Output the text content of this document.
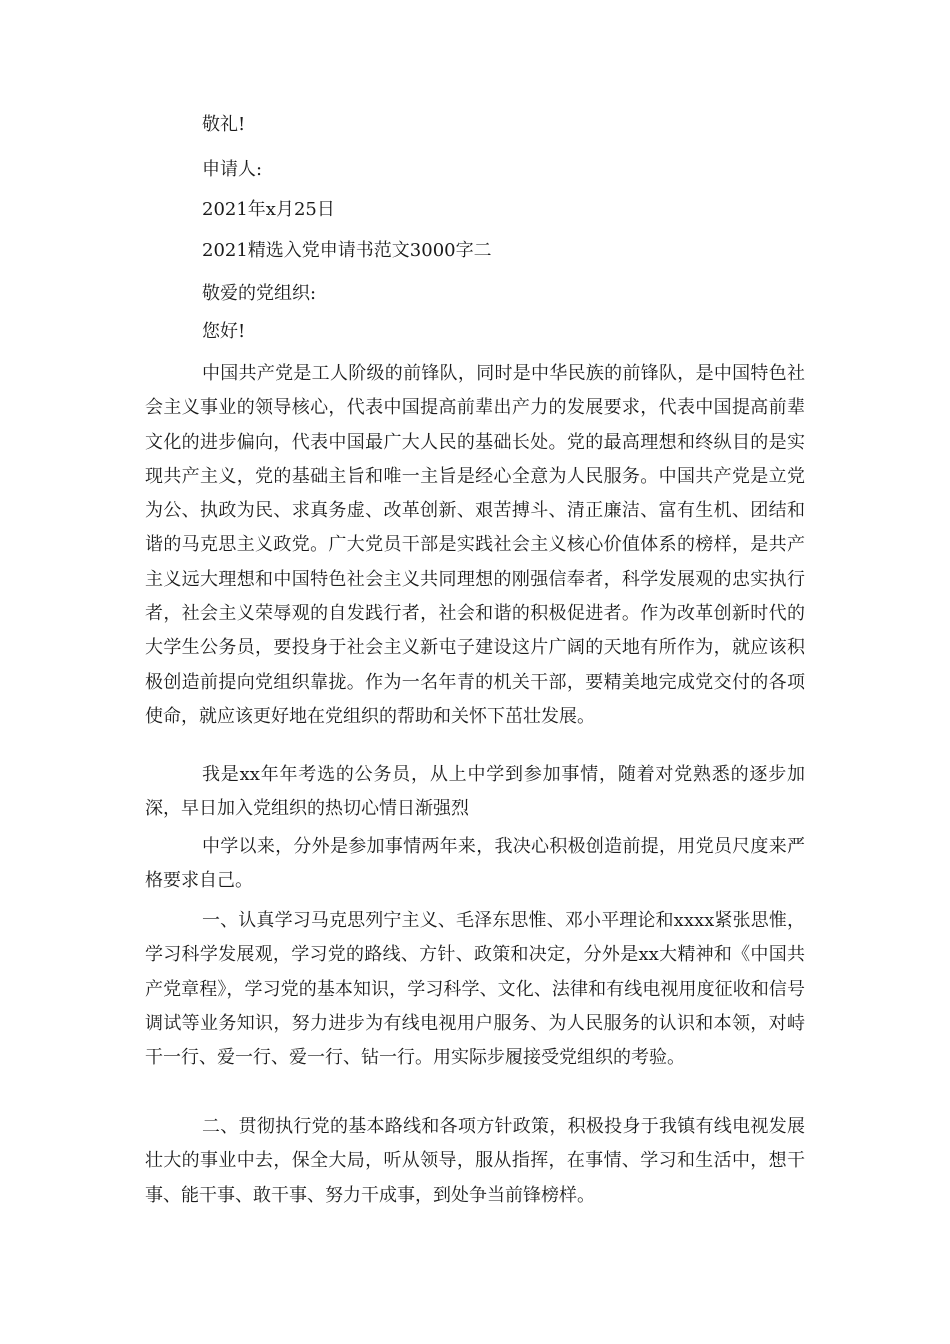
敬礼!

申请人:

2021年x月25日

2021精选入党申请书范文3000字二

敬爱的党组织:

您好!

中国共产党是工人阶级的前锋队，同时是中华民族的前锋队，是中国特色社会主义事业的领导核心，代表中国提高前辈出产力的发展要求，代表中国提高前辈文化的进步偏向，代表中国最广大人民的基础长处。党的最高理想和终纵目的是实现共产主义，党的基础主旨和唯一主旨是经心全意为人民服务。中国共产党是立党为公、执政为民、求真务虚、改革创新、艰苦搏斗、清正廉洁、富有生机、团结和谐的马克思主义政党。广大党员干部是实践社会主义核心价值体系的榜样，是共产主义远大理想和中国特色社会主义共同理想的刚强信奉者，科学发展观的忠实执行者，社会主义荣辱观的自发践行者，社会和谐的积极促进者。作为改革创新时代的大学生公务员，要投身于社会主义新屯子建设这片广阔的天地有所作为，就应该积极创造前提向党组织靠拢。作为一名年青的机关干部，要精美地完成党交付的各项使命，就应该更好地在党组织的帮助和关怀下茁壮发展。

我是xx年年考选的公务员，从上中学到参加事情，随着对党熟悉的逐步加深，早日加入党组织的热切心情日渐强烈

中学以来，分外是参加事情两年来，我决心积极创造前提，用党员尺度来严格要求自己。

一、认真学习马克思列宁主义、毛泽东思惟、邓小平理论和xxxx紧张思惟，学习科学发展观，学习党的路线、方针、政策和决定，分外是xx大精神和《中国共产党章程》，学习党的基本知识，学习科学、文化、法律和有线电视用度征收和信号调试等业务知识，努力进步为有线电视用户服务、为人民服务的认识和本领，对峙干一行、爱一行、爱一行、钻一行。用实际步履接受党组织的考验。

二、贯彻执行党的基本路线和各项方针政策，积极投身于我镇有线电视发展壮大的事业中去，保全大局，听从领导，服从指挥，在事情、学习和生活中，想干事、能干事、敢干事、努力干成事，到处争当前锋榜样。
